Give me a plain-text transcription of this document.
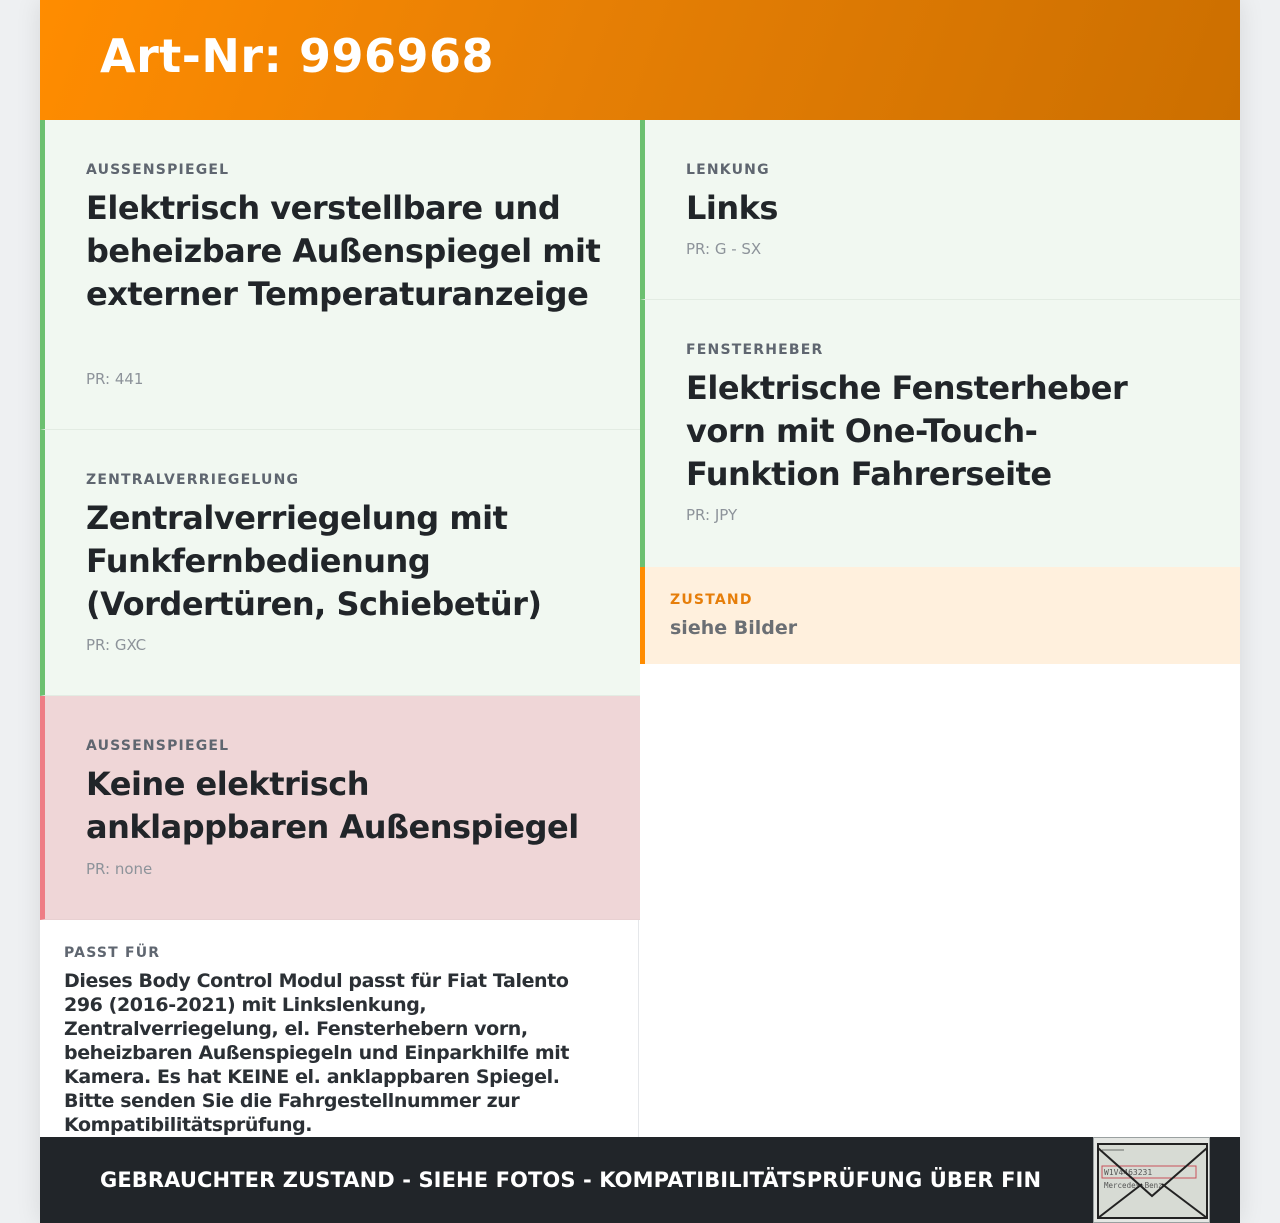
Art-Nr: 996968
AUSSENSPIEGEL
Elektrisch verstellbare und beheizbare Außenspiegel mit externer Temperaturanzeige
PR: 441
ZENTRALVERRIEGELUNG
Zentralverriegelung mit Funkfernbedienung (Vordertüren, Schiebetür)
PR: GXC
AUSSENSPIEGEL
Keine elektrisch anklappbaren Außenspiegel
PR: none
PASST FÜR

Dieses Body Control Modul passt für Fiat Talento 296 (2016-2021) mit Linkslenkung, Zentralverriegelung, el. Fensterhebern vorn, beheizbaren Außenspiegeln und Einparkhilfe mit Kamera. Es hat KEINE el. anklappbaren Spiegel. Bitte senden Sie die Fahrgestellnummer zur Kompatibilitätsprüfung.

LENKUNG
Links
PR: G - SX
FENSTERHEBER
Elektrische Fensterheber vorn mit One-Touch-Funktion Fahrerseite
PR: JPY
ZUSTAND
siehe Bilder
GEBRAUCHTER ZUSTAND - SIEHE FOTOS - KOMPATIBILITÄTSPRÜFUNG ÜBER FIN	W1V4463231
Mercedes-Benz
